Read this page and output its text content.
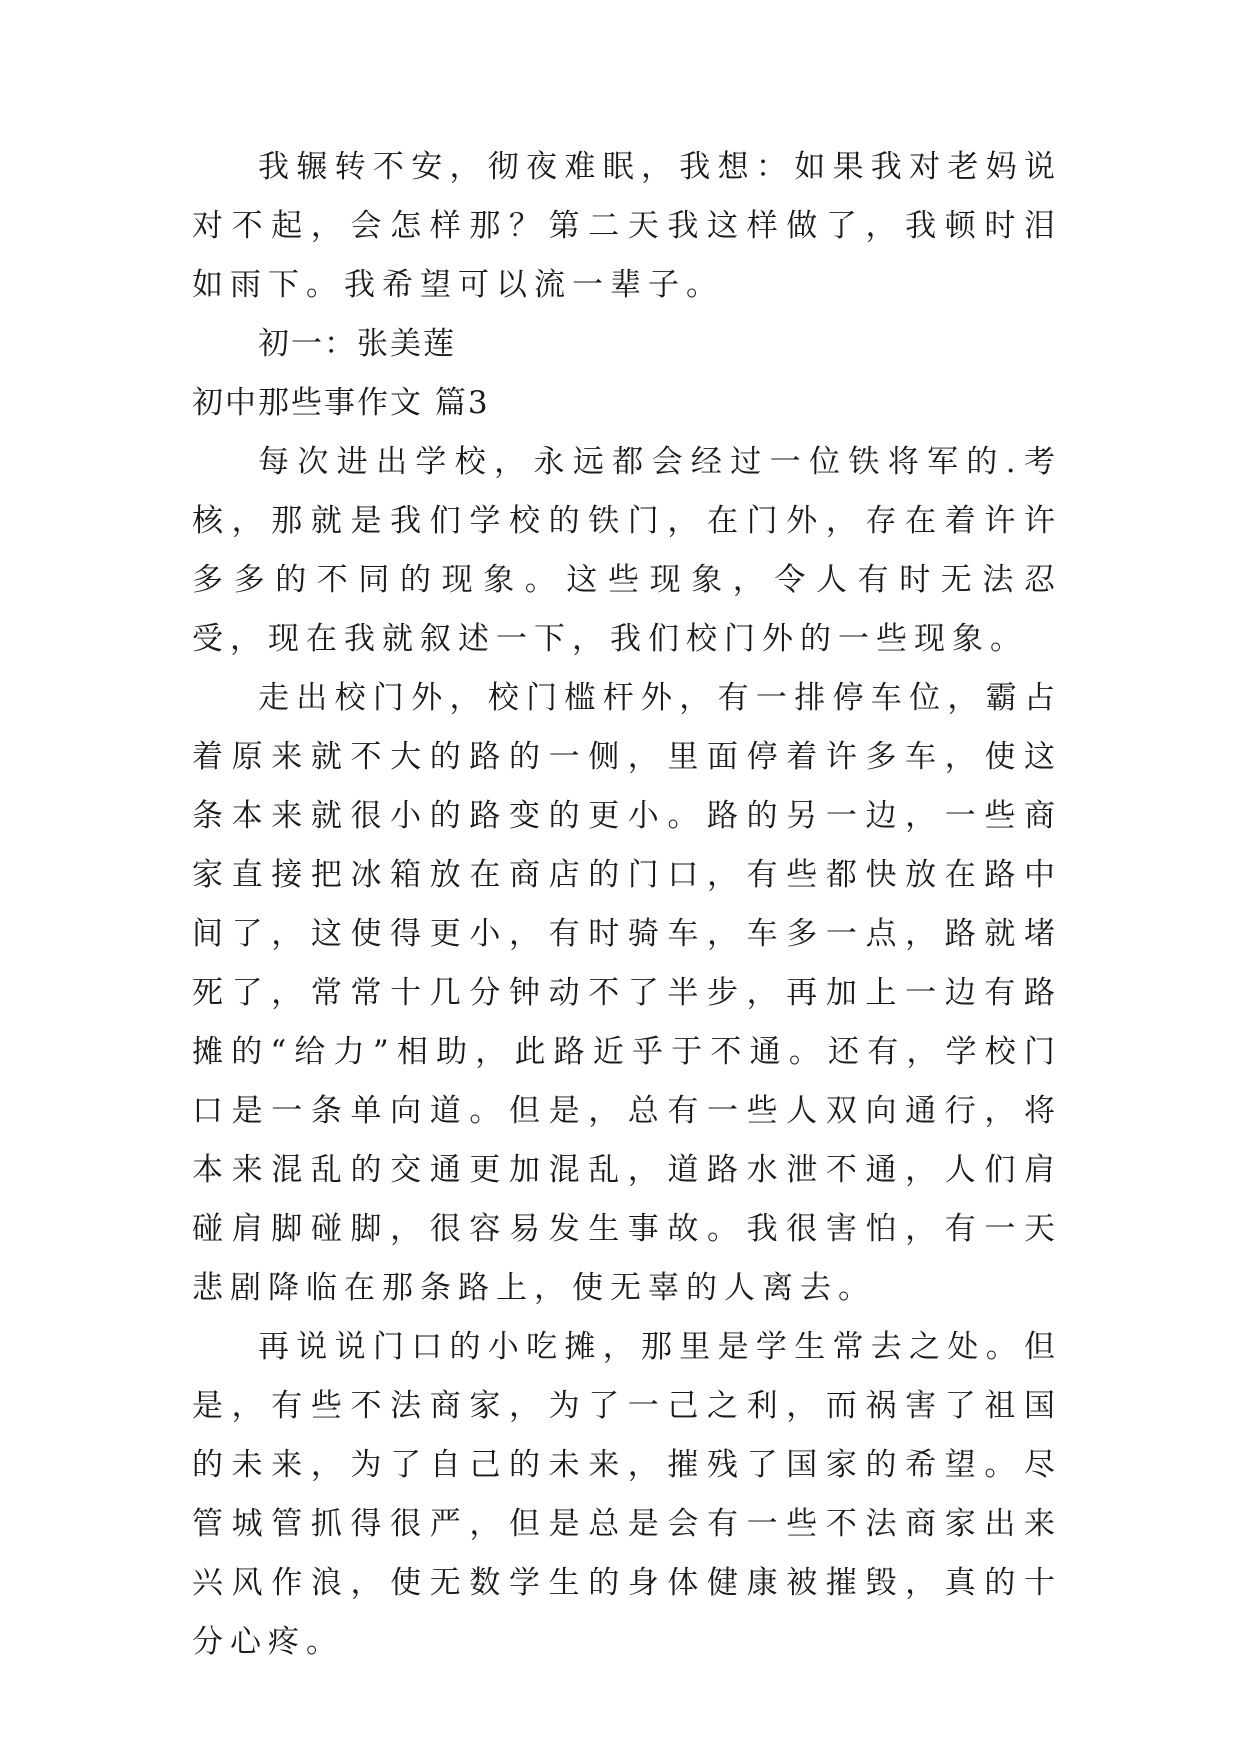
我辗转不安，彻夜难眠，我想：如果我对老妈说对不起，会怎样那？第二天我这样做了，我顿时泪如雨下。我希望可以流一辈子。

初一：张美莲

初中那些事作文 篇3

每次进出学校，永远都会经过一位铁将军的.考核，那就是我们学校的铁门，在门外，存在着许许多多的不同的现象。这些现象，令人有时无法忍受，现在我就叙述一下，我们校门外的一些现象。

走出校门外，校门槛杆外，有一排停车位，霸占着原来就不大的路的一侧，里面停着许多车，使这条本来就很小的路变的更小。路的另一边，一些商家直接把冰箱放在商店的门口，有些都快放在路中间了，这使得更小，有时骑车，车多一点，路就堵死了，常常十几分钟动不了半步，再加上一边有路摊的“给力”相助，此路近乎于不通。还有，学校门口是一条单向道。但是，总有一些人双向通行，将本来混乱的交通更加混乱，道路水泄不通，人们肩碰肩脚碰脚，很容易发生事故。我很害怕，有一天悲剧降临在那条路上，使无辜的人离去。

再说说门口的小吃摊，那里是学生常去之处。但是，有些不法商家，为了一己之利，而祸害了祖国的未来，为了自己的未来，摧残了国家的希望。尽管城管抓得很严，但是总是会有一些不法商家出来兴风作浪，使无数学生的身体健康被摧毁，真的十分心疼。
